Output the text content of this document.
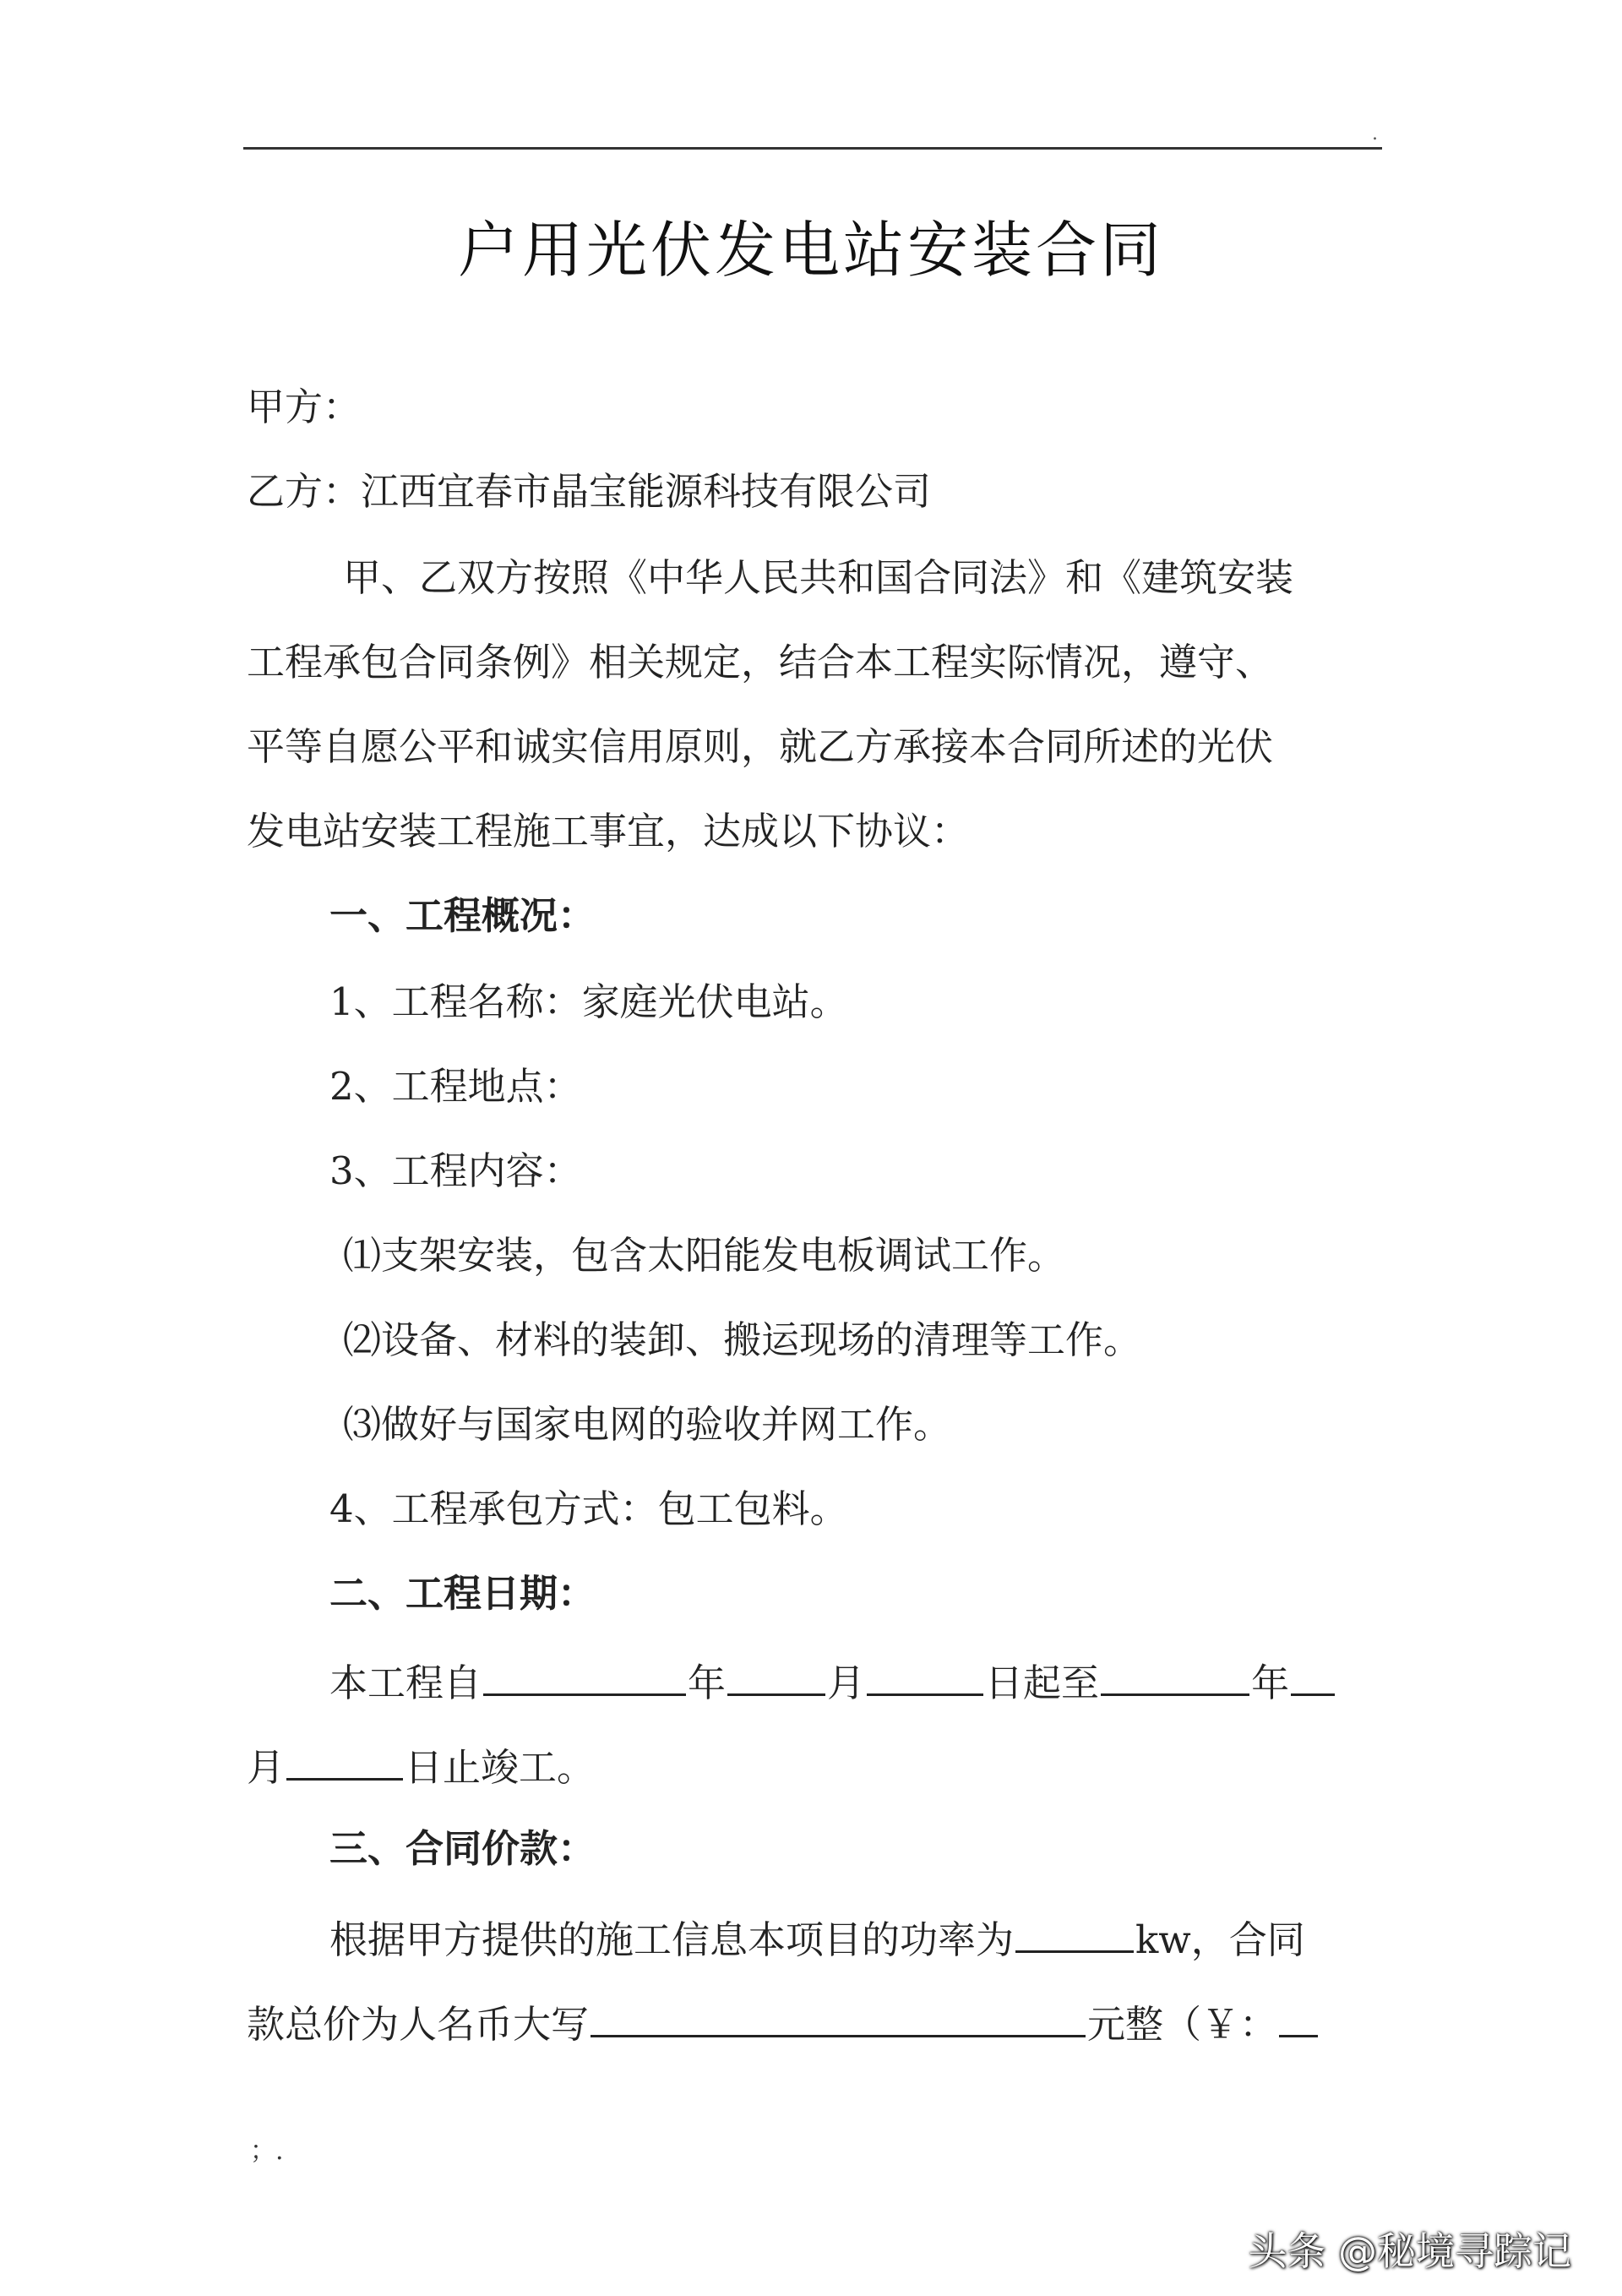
.
户用光伏发电站安装合同
甲方：
乙方：江西宜春市晶宝能源科技有限公司
甲、乙双方按照《中华人民共和国合同法》和《建筑安装
工程承包合同条例》相关规定，结合本工程实际情况，遵守、
平等自愿公平和诚实信用原则，就乙方承接本合同所述的光伏
发电站安装工程施工事宜，达成以下协议：
一、工程概况：
1、工程名称：家庭光伏电站。
2、工程地点：
3、工程内容：
⑴支架安装，包含太阳能发电板调试工作。
⑵设备、材料的装卸、搬运现场的清理等工作。
⑶做好与国家电网的验收并网工作。
4、工程承包方式：包工包料。
二、工程日期：
本工程自	年	月	日起至	年
月	日止竣工。
三、合同价款：
根据甲方提供的施工信息本项目的功率为	kw，合同
款总价为人名币大写	元整（￥：
；.
头条 @秘境寻踪记
